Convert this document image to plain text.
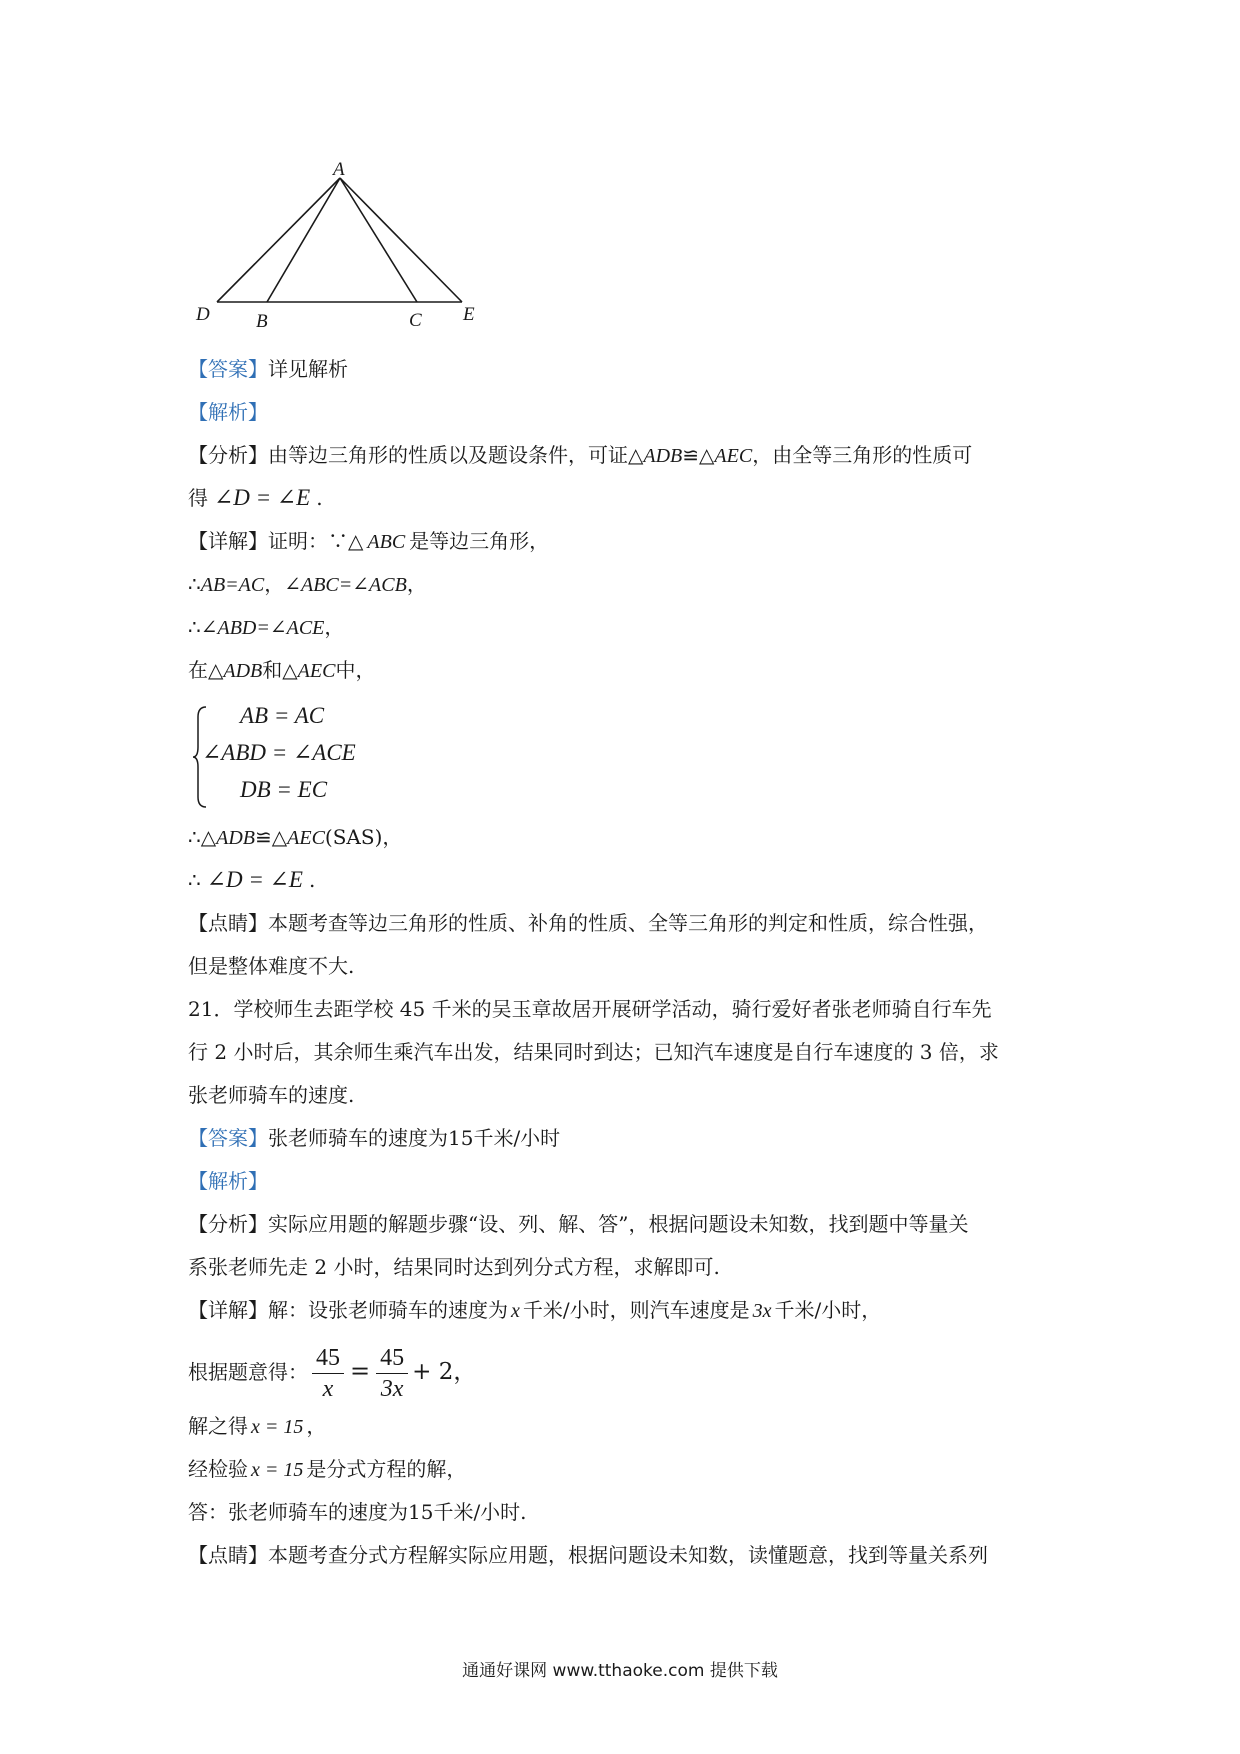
A
D B	C E
【答案】详见解析
【解析】
【分析】由等边三角形的性质以及题设条件，可证△ADB≌△AEC，由全等三角形的性质可
得 ∠D = ∠E .
【详解】证明：∵△ ABC 是等边三角形，
∴AB=AC，∠ABC=∠ACB，
∴∠ABD=∠ACE，
在△ADB和△AEC中，
AB = AC
∠ABD = ∠ACE
DB = EC
∴△ADB≌△AEC(SAS)，
∴ ∠D = ∠E .
【点睛】本题考查等边三角形的性质、补角的性质、全等三角形的判定和性质，综合性强，
但是整体难度不大.
21．学校师生去距学校 45 千米的吴玉章故居开展研学活动，骑行爱好者张老师骑自行车先
行 2 小时后，其余师生乘汽车出发，结果同时到达；已知汽车速度是自行车速度的 3 倍，求
张老师骑车的速度.
【答案】张老师骑车的速度为15千米/小时
【解析】
【分析】实际应用题的解题步骤“设、列、解、答”，根据问题设未知数，找到题中等量关
系张老师先走 2 小时，结果同时达到列分式方程，求解即可.
【详解】解：设张老师骑车的速度为 x 千米/小时，则汽车速度是 3x 千米/小时，
根据题意得： $\frac{45}{x} = \frac{45}{3x} + 2$，
解之得 x = 15 ，
经检验 x = 15 是分式方程的解，
答：张老师骑车的速度为15千米/小时.
【点睛】本题考查分式方程解实际应用题，根据问题设未知数，读懂题意，找到等量关系列
通通好课网 www.tthaoke.com 提供下载
